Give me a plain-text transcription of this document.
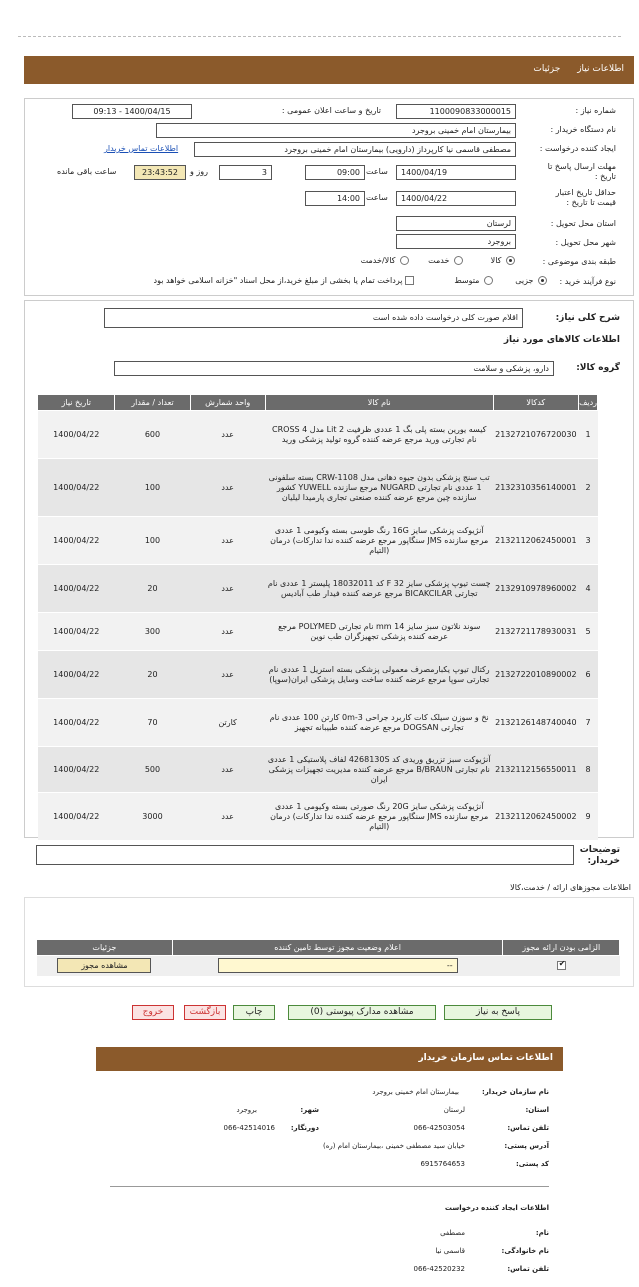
اطلاعات نیاز جزئیات
شماره نیاز :
1100090833000015
تاریخ و ساعت اعلان عمومی :
1400/04/15 - 09:13
نام دستگاه خریدار :
بیمارستان امام خمینی بروجرد
ایجاد کننده درخواست :
مصطفی قاسمی نیا کارپرداز (دارویی) بیمارستان امام خمینی بروجرد
اطلاعات تماس خریدار
مهلت ارسال پاسخ تا تاریخ :
1400/04/19
ساعت
09:00
3
روز و
23:43:52
ساعت باقی مانده
حداقل تاریخ اعتبار قیمت تا تاریخ :
1400/04/22
ساعت
14:00
استان محل تحویل :
لرستان
شهر محل تحویل :
بروجرد
طبقه بندی موضوعی :
کالا
خدمت
کالا/خدمت
نوع فرآیند خرید :
جزیی
متوسط
پرداخت تمام یا بخشی از مبلغ خرید،از محل اسناد "خزانه اسلامی خواهد بود
شرح کلی نیاز:
اقلام صورت کلی درخواست داده شده است
اطلاعات کالاهای مورد نیاز
گروه کالا:
دارو، پزشکی و سلامت
ردیف	کدکالا	نام کالا	واحد شمارش	تعداد / مقدار	تاریخ نیاز
1	2132721076720030	کیسه یورین بسته پلی بگ 1 عددی ظرفیت 2 Lit مدل CROSS 4 نام تجارتی ورید مرجع عرضه کننده گروه تولید پزشکی ورید	عدد	600	1400/04/22
2	2132310356140001	تب سنج پزشکی بدون جیوه دهانی مدل CRW-1108 بسته سلفونی 1 عددی نام تجارتی NUGARD مرجع سازنده YUWELL کشور سازنده چین مرجع عرضه کننده صنعتی تجاری پارمیدا لیلیان	عدد	100	1400/04/22
3	2132112062450001	آنژیوکت پزشکی سایز 16G رنگ طوسی بسته وکیومی 1 عددی مرجع سازنده JMS سنگاپور مرجع عرضه کننده ندا تدارکات) درمان (التیام	عدد	100	1400/04/22
4	2132910978960002	چست تیوپ پزشکی سایز F 32 کد 18032011 پلیستر 1 عددی نام تجارتی BICAKCILAR مرجع عرضه کننده فیدار طب آبادیس	عدد	20	1400/04/22
5	2132721178930031	سوند نلاتون سبز سایز 14 mm نام تجارتی POLYMED مرجع عرضه کننده پزشکی تجهیزگران طب نوین	عدد	300	1400/04/22
6	2132722010890002	رکتال تیوپ یکبارمصرف معمولی پزشکی بسته استریل 1 عددی نام تجارتی سوپا مرجع عرضه کننده ساخت وسایل پزشکی ایران(سوپا)	عدد	20	1400/04/22
7	2132126148740040	نخ و سوزن سیلک کات کاربرد جراحی 3-0m کارتن 100 عددی نام تجارتی DOGSAN مرجع عرضه کننده طبیبانه تجهیز	کارتن	70	1400/04/22
8	2132112156550011	آنژیوکت سبز تزریق وریدی کد 4268130S لفاف پلاستیکی 1 عددی نام تجارتی B/BRAUN مرجع عرضه کننده مدیریت تجهیزات پزشکی ایران	عدد	500	1400/04/22
9	2132112062450002	آنژیوکت پزشکی سایز 20G رنگ صورتی بسته وکیومی 1 عددی مرجع سازنده JMS سنگاپور مرجع عرضه کننده ندا تدارکات) درمان (التیام	عدد	3000	1400/04/22
توضیحات خریدار:
اطلاعات مجوزهای ارائه / خدمت،کالا
الزامی بودن ارائه مجوز	اعلام وضعیت مجوز توسط تامین کننده	جزئیات

✔	--	مشاهده مجوز
پاسخ به نیاز
مشاهده مدارک پیوستی (0)
چاپ
بازگشت
خروج
اطلاعات تماس سازمان خریدار
نام سازمان خریدار:
بیمارستان امام خمینی بروجرد
استان:
لرستان
شهر:
بروجرد
تلفن تماس:
066-42503054
دورنگار:
066-42514016
آدرس پستی:
خیابان سید مصطفی خمینی ،بیمارستان امام (ره)
کد پستی:
6915764653
اطلاعات ایجاد کننده درخواست
نام:
مصطفی
نام خانوادگی:
قاسمی نیا
تلفن تماس:
066-42520232
